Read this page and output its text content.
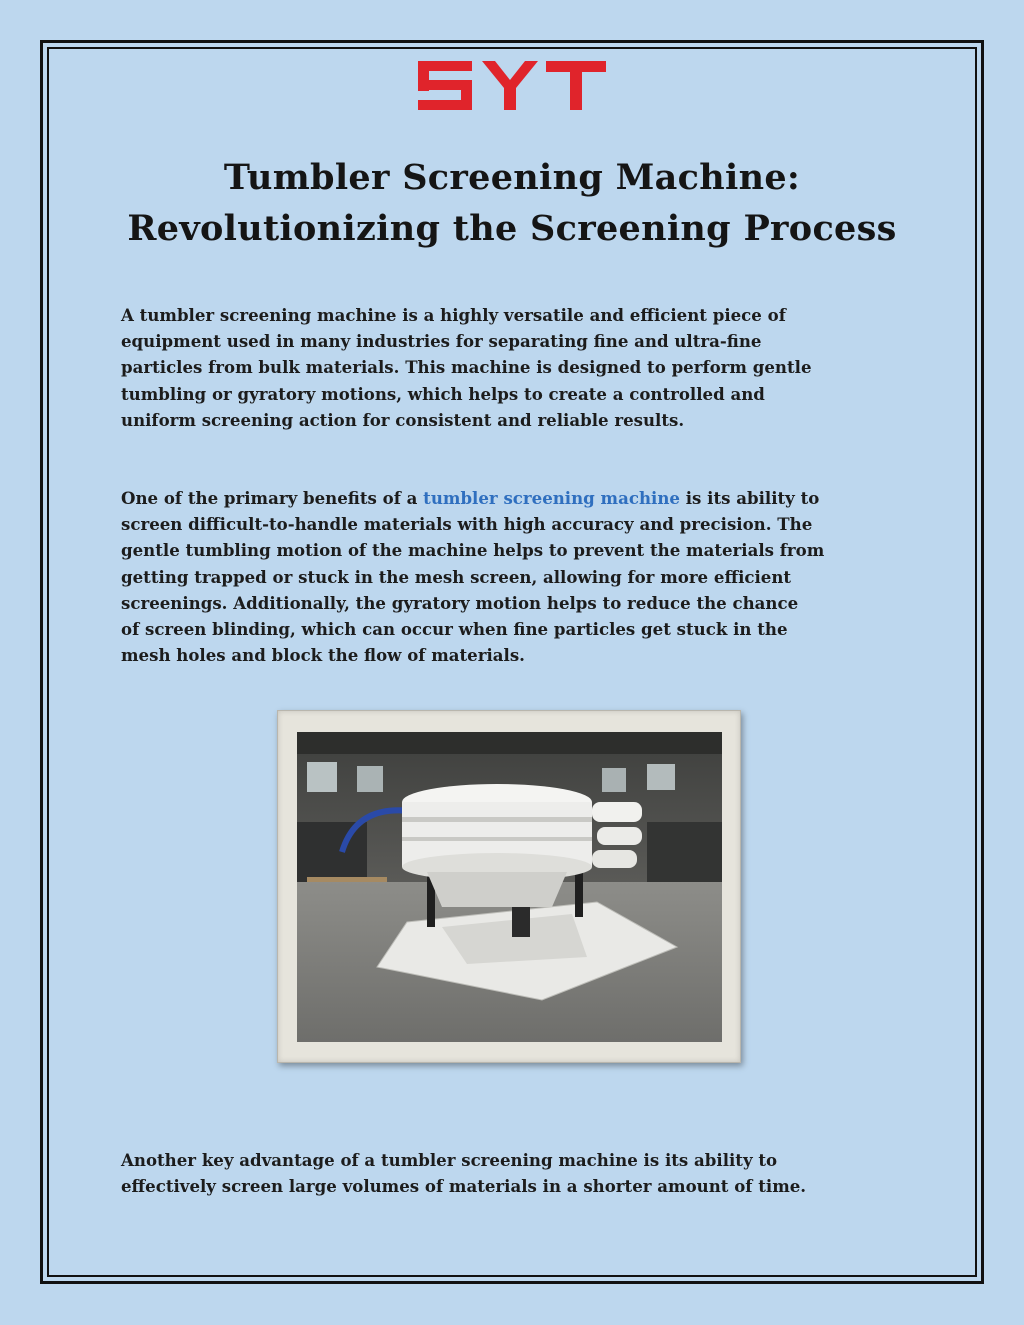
Tumbler Screening Machine:
Revolutionizing the Screening Process

A tumbler screening machine is a highly versatile and efficient piece of
equipment used in many industries for separating fine and ultra-fine
particles from bulk materials. This machine is designed to perform gentle
tumbling or gyratory motions, which helps to create a controlled and
uniform screening action for consistent and reliable results.

One of the primary benefits of a tumbler screening machine is its ability to
screen difficult-to-handle materials with high accuracy and precision. The
gentle tumbling motion of the machine helps to prevent the materials from
getting trapped or stuck in the mesh screen, allowing for more efficient
screenings. Additionally, the gyratory motion helps to reduce the chance
of screen blinding, which can occur when fine particles get stuck in the
mesh holes and block the flow of materials.

Another key advantage of a tumbler screening machine is its ability to
effectively screen large volumes of materials in a shorter amount of time.
